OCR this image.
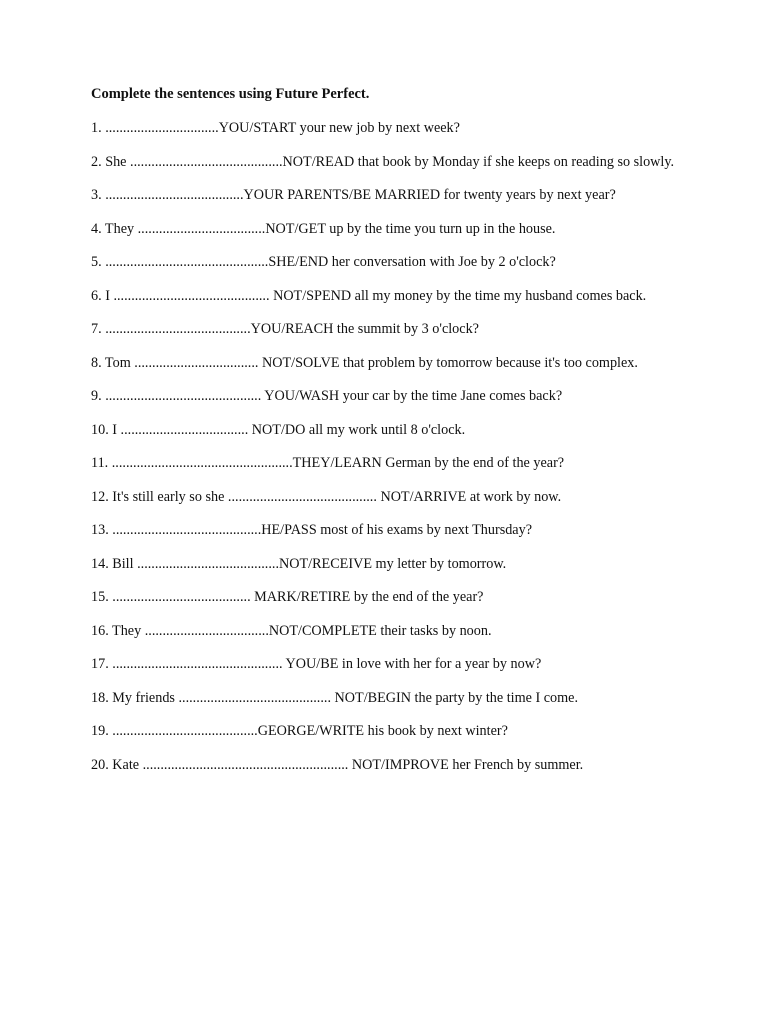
Complete the sentences using Future Perfect.
1. ................................YOU/START your new job by next week?
2. She ...........................................NOT/READ that book by Monday if she keeps on reading so slowly.
3. .......................................YOUR PARENTS/BE MARRIED for twenty years by next year?
4. They ....................................NOT/GET up by the time you turn up in the house.
5. ..............................................SHE/END her conversation with Joe by 2 o'clock?
6. I ............................................ NOT/SPEND all my money by the time my husband comes back.
7. .........................................YOU/REACH the summit by 3 o'clock?
8. Tom ................................... NOT/SOLVE that problem by tomorrow because it's too complex.
9. ............................................ YOU/WASH your car by the time Jane comes back?
10. I .................................... NOT/DO all my work until 8 o'clock.
11. ...................................................THEY/LEARN German by the end of the year?
12. It's still early so she .......................................... NOT/ARRIVE at work by now.
13. ..........................................HE/PASS most of his exams by next Thursday?
14. Bill ........................................NOT/RECEIVE my letter by tomorrow.
15. ....................................... MARK/RETIRE by the end of the year?
16. They ...................................NOT/COMPLETE their tasks by noon.
17. ................................................ YOU/BE in love with her for a year by now?
18. My friends ........................................... NOT/BEGIN the party by the time I come.
19. .........................................GEORGE/WRITE his book by next winter?
20. Kate .......................................................... NOT/IMPROVE her French by summer.
